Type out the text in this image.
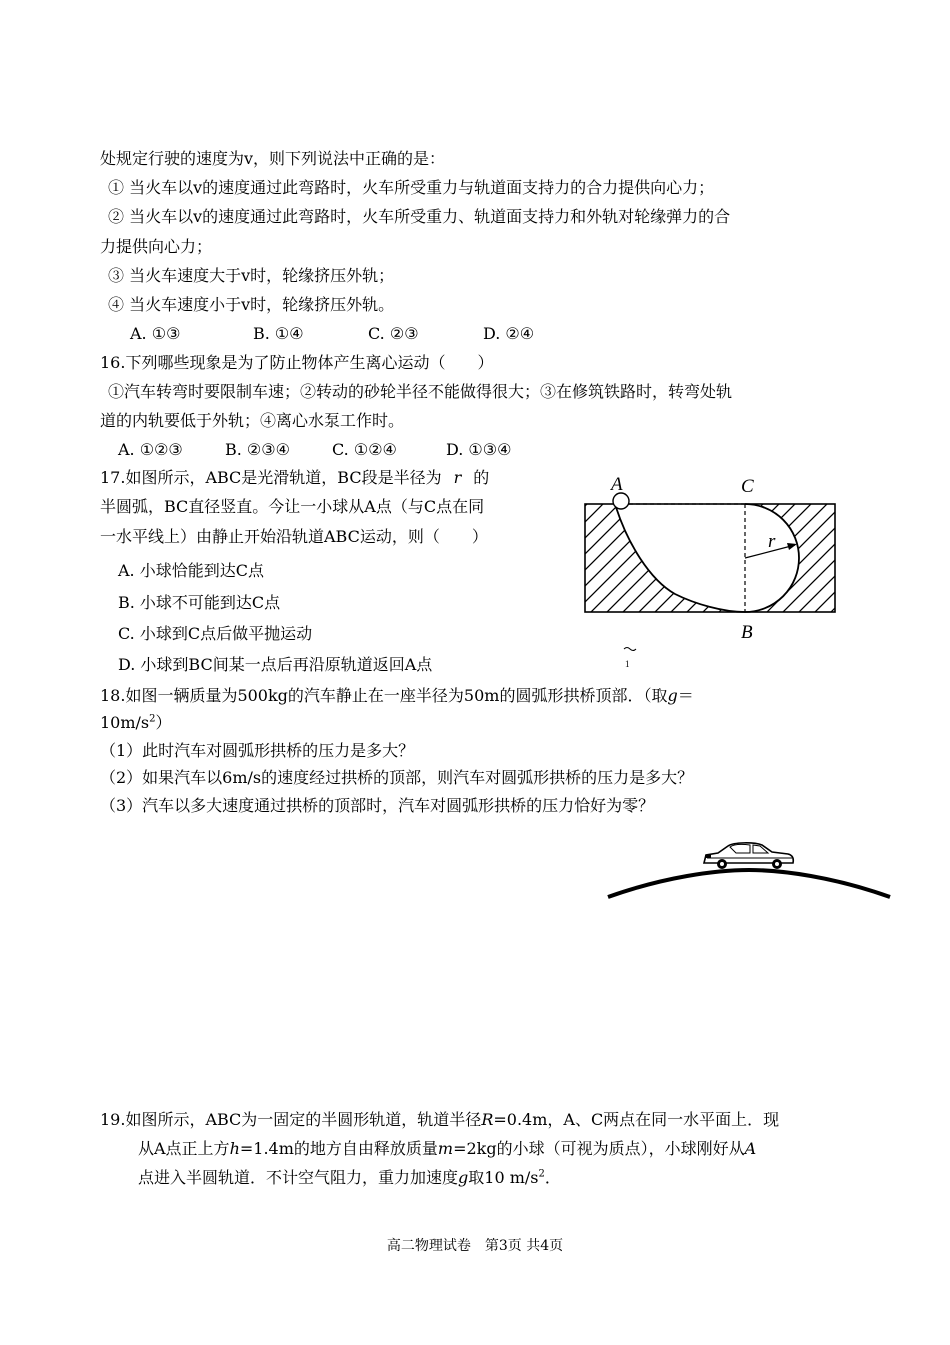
处规定行驶的速度为v，则下列说法中正确的是：
① 当火车以v的速度通过此弯路时，火车所受重力与轨道面支持力的合力提供向心力；
② 当火车以v的速度通过此弯路时，火车所受重力、轨道面支持力和外轨对轮缘弹力的合
力提供向心力；
③ 当火车速度大于v时，轮缘挤压外轨；
④ 当火车速度小于v时，轮缘挤压外轨。
A. ①③	B. ①④	C. ②③	D. ②④
16.下列哪些现象是为了防止物体产生离心运动（　　）
①汽车转弯时要限制车速；②转动的砂轮半径不能做得很大；③在修筑铁路时，转弯处轨
道的内轨要低于外轨；④离心水泵工作时。
A. ①②③	B. ②③④	C. ①②④	D. ①③④
17.如图所示，ABC是光滑轨道，BC段是半径为 r 的
半圆弧，BC直径竖直。今让一小球从A点（与C点在同
一水平线上）由静止开始沿轨道ABC运动，则（　　）
A. 小球恰能到达C点
B. 小球不可能到达C点
C. 小球到C点后做平抛运动
D. 小球到BC间某一点后再沿原轨道返回A点
A	C
r
B
1
18.如图一辆质量为500kg的汽车静止在一座半径为50m的圆弧形拱桥顶部．（取g＝
$10m/s^2$）
（1）此时汽车对圆弧形拱桥的压力是多大？
（2）如果汽车以6m/s的速度经过拱桥的顶部，则汽车对圆弧形拱桥的压力是多大？
（3）汽车以多大速度通过拱桥的顶部时，汽车对圆弧形拱桥的压力恰好为零？
19.如图所示，ABC为一固定的半圆形轨道，轨道半径R=0.4m，A、C两点在同一水平面上．现
从A点正上方h=1.4m的地方自由释放质量m=2kg的小球（可视为质点），小球刚好从A
点进入半圆轨道．不计空气阻力，重力加速度g取10 $m/s^2$．
高二物理试卷　第3页 共4页
